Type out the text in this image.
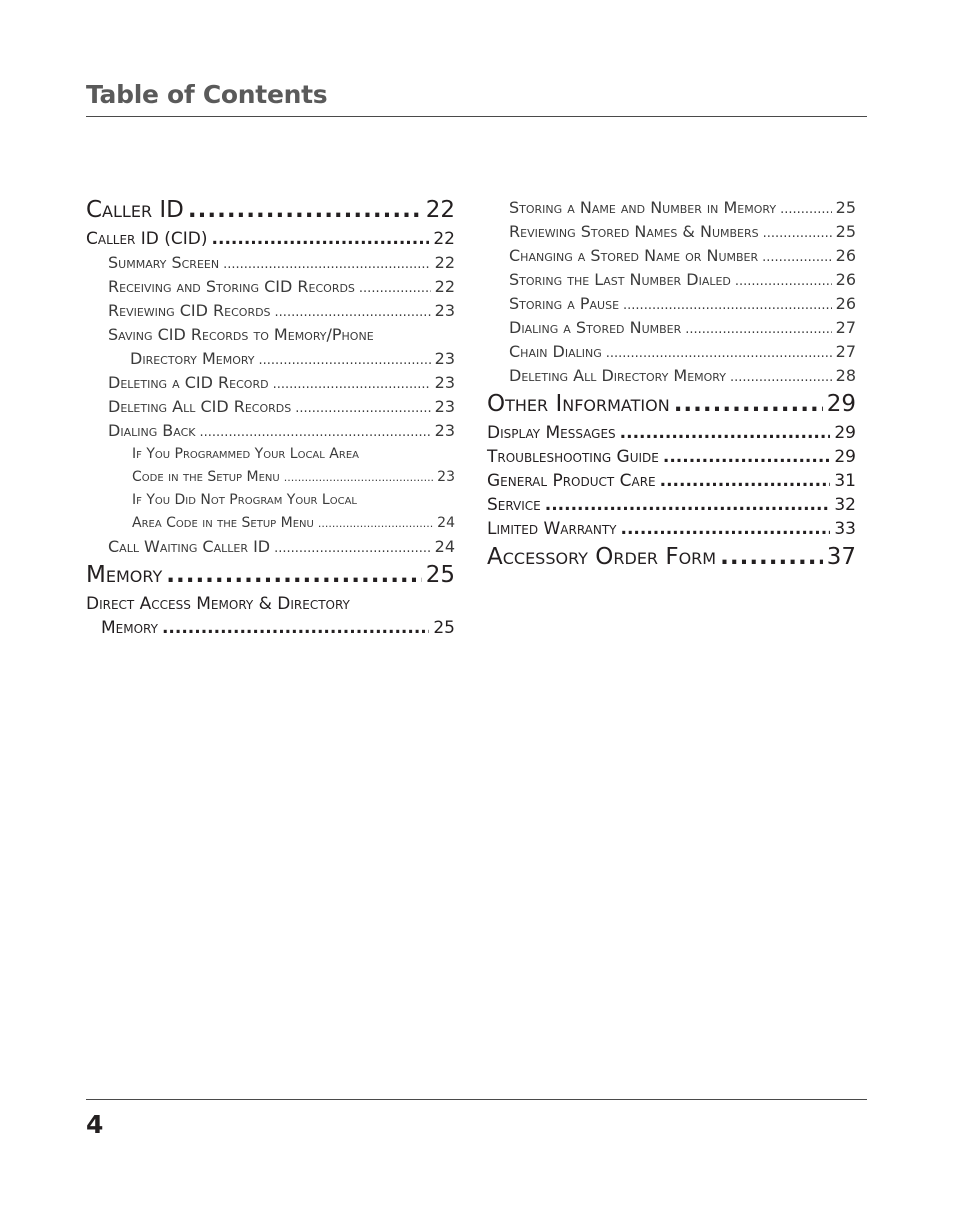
Table of Contents
Caller ID .....	22
Caller ID (CID) .....	22
Summary Screen .....	22
Receiving and Storing CID Records .....	22
Reviewing CID Records .....	23
Saving CID Records to Memory/Phone
Directory Memory .....	23
Deleting a CID Record .....	23
Deleting All CID Records .....	23
Dialing Back .....	23
If You Programmed Your Local Area
Code in the Setup Menu .....	23
If You Did Not Program Your Local
Area Code in the Setup Menu .....	24
Call Waiting Caller ID .....	24
Memory .....	25
Direct Access Memory & Directory
Memory .....	25
Storing a Name and Number in Memory .....	25
Reviewing Stored Names & Numbers .....	25
Changing a Stored Name or Number .....	26
Storing the Last Number Dialed .....	26
Storing a Pause .....	26
Dialing a Stored Number .....	27
Chain Dialing .....	27
Deleting All Directory Memory .....	28
Other Information .....	29
Display Messages .....	29
Troubleshooting Guide .....	29
General Product Care .....	31
Service .....	32
Limited Warranty .....	33
Accessory Order Form .....	37
4
